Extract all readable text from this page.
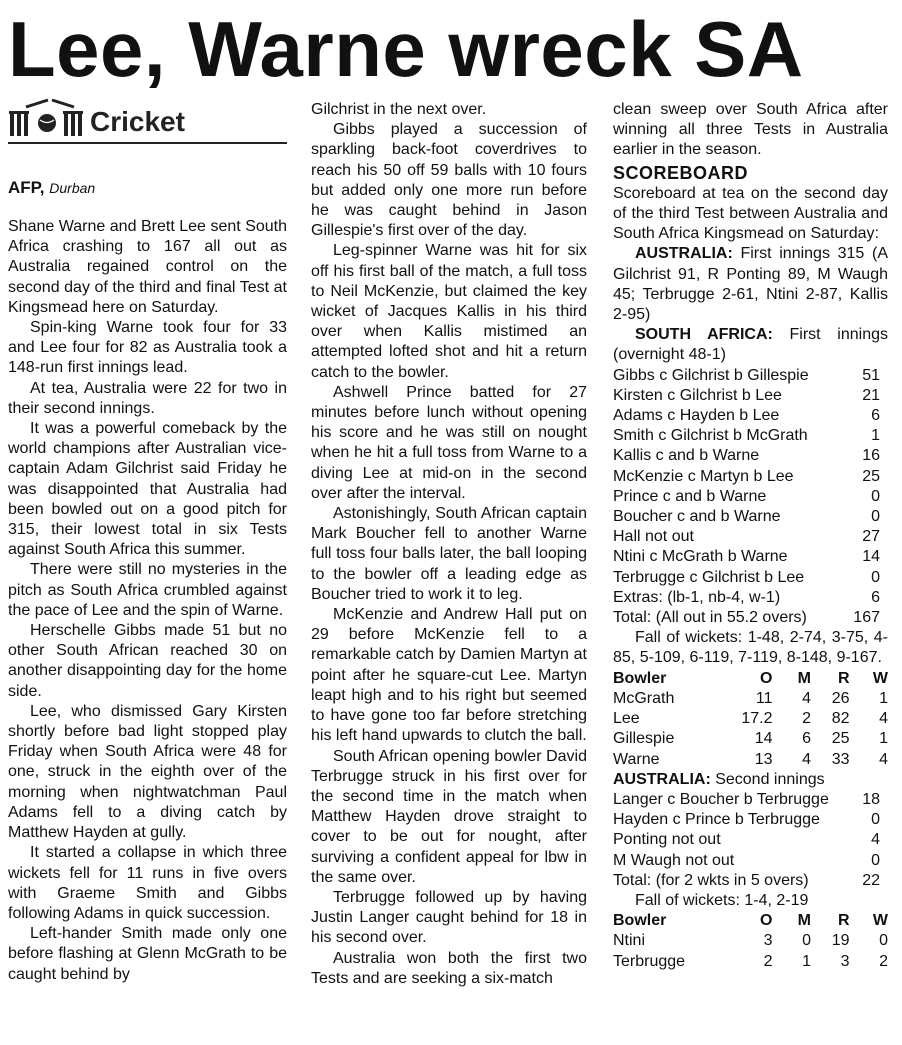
Lee, Warne wreck SA
Cricket
AFP, Durban

Shane Warne and Brett Lee sent South Africa crashing to 167 all out as Australia regained control on the second day of the third and final Test at Kingsmead here on Saturday.

Spin-king Warne took four for 33 and Lee four for 82 as Australia took a 148-run first innings lead.

At tea, Australia were 22 for two in their second innings.

It was a powerful comeback by the world champions after Australian vice-captain Adam Gilchrist said Friday he was disappointed that Australia had been bowled out on a good pitch for 315, their lowest total in six Tests against South Africa this summer.

There were still no mysteries in the pitch as South Africa crumbled against the pace of Lee and the spin of Warne.

Herschelle Gibbs made 51 but no other South African reached 30 on another disappointing day for the home side.

Lee, who dismissed Gary Kirsten shortly before bad light stopped play Friday when South Africa were 48 for one, struck in the eighth over of the morning when nightwatchman Paul Adams fell to a diving catch by Matthew Hayden at gully.

It started a collapse in which three wickets fell for 11 runs in five overs with Graeme Smith and Gibbs following Adams in quick succession.

Left-hander Smith made only one before flashing at Glenn McGrath to be caught behind by

Gilchrist in the next over.

Gibbs played a succession of sparkling back-foot coverdrives to reach his 50 off 59 balls with 10 fours but added only one more run before he was caught behind in Jason Gillespie's first over of the day.

Leg-spinner Warne was hit for six off his first ball of the match, a full toss to Neil McKenzie, but claimed the key wicket of Jacques Kallis in his third over when Kallis mistimed an attempted lofted shot and hit a return catch to the bowler.

Ashwell Prince batted for 27 minutes before lunch without opening his score and he was still on nought when he hit a full toss from Warne to a diving Lee at mid-on in the second over after the interval.

Astonishingly, South African captain Mark Boucher fell to another Warne full toss four balls later, the ball looping to the bowler off a leading edge as Boucher tried to work it to leg.

McKenzie and Andrew Hall put on 29 before McKenzie fell to a remarkable catch by Damien Martyn at point after he square-cut Lee. Martyn leapt high and to his right but seemed to have gone too far before stretching his left hand upwards to clutch the ball.

South African opening bowler David Terbrugge struck in his first over for the second time in the match when Matthew Hayden drove straight to cover to be out for nought, after surviving a confident appeal for lbw in the same over.

Terbrugge followed up by having Justin Langer caught behind for 18 in his second over.

Australia won both the first two Tests and are seeking a six-match

clean sweep over South Africa after winning all three Tests in Australia earlier in the season.

SCOREBOARD

Scoreboard at tea on the second day of the third Test between Australia and South Africa Kingsmead on Saturday:

AUSTRALIA: First innings 315 (A Gilchrist 91, R Ponting 89, M Waugh 45; Terbrugge 2-61, Ntini 2-87, Kallis 2-95)

SOUTH AFRICA: First innings (overnight 48-1)

Gibbs c Gilchrist b Gillespie	51
Kirsten c Gilchrist b Lee	21
Adams c Hayden b Lee	6
Smith c Gilchrist b McGrath	1
Kallis c and b Warne	16
McKenzie c Martyn b Lee	25
Prince c and b Warne	0
Boucher c and b Warne	0
Hall not out	27
Ntini c McGrath b Warne	14
Terbrugge c Gilchrist b Lee	0
Extras: (lb-1, nb-4, w-1)	6
Total: (All out in 55.2 overs)	167

Fall of wickets: 1-48, 2-74, 3-75, 4-85, 5-109, 6-119, 7-119, 8-148, 9-167.

Bowler	O	M	R	W
McGrath	11	4	26	1
Lee	17.2	2	82	4
Gillespie	14	6	25	1
Warne	13	4	33	4

AUSTRALIA: Second innings

Langer c Boucher b Terbrugge 18
Hayden c Prince b Terbrugge	0
Ponting not out	4
M Waugh not out	0
Total: (for 2 wkts in 5 overs)	22

Fall of wickets: 1-4, 2-19

Bowler	O	M	R	W
Ntini	3	0	19	0
Terbrugge	2	1	3	2
